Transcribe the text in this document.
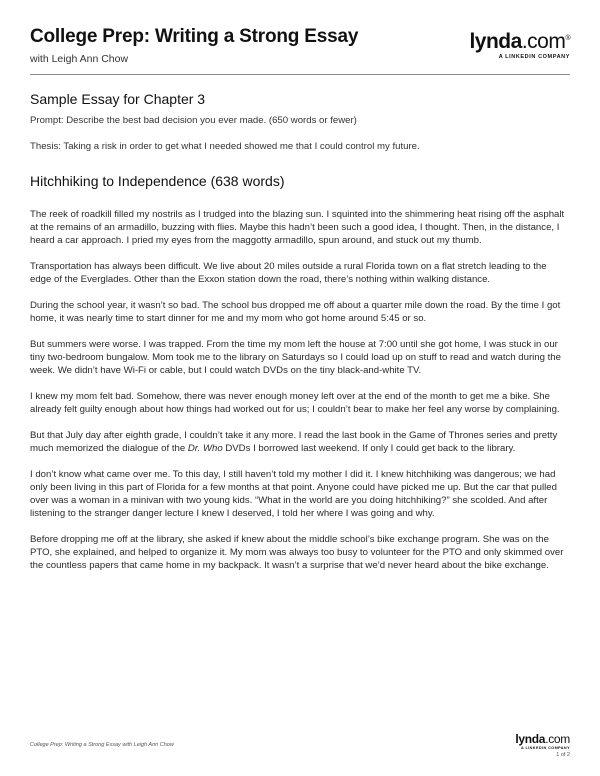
College Prep: Writing a Strong Essay
with Leigh Ann Chow
lynda.com®
A LINKEDIN COMPANY
Sample Essay for Chapter 3

Prompt: Describe the best bad decision you ever made. (650 words or fewer)

Thesis: Taking a risk in order to get what I needed showed me that I could control my future.

Hitchhiking to Independence (638 words)

The reek of roadkill filled my nostrils as I trudged into the blazing sun. I squinted into the shimmering heat rising off the asphalt at the remains of an armadillo, buzzing with flies. Maybe this hadn’t been such a good idea, I thought. Then, in the distance, I heard a car approach. I pried my eyes from the maggotty armadillo, spun around, and stuck out my thumb.

Transportation has always been difficult. We live about 20 miles outside a rural Florida town on a flat stretch leading to the edge of the Everglades. Other than the Exxon station down the road, there’s nothing within walking distance.

During the school year, it wasn’t so bad. The school bus dropped me off about a quarter mile down the road. By the time I got home, it was nearly time to start dinner for me and my mom who got home around 5:45 or so.

But summers were worse. I was trapped. From the time my mom left the house at 7:00 until she got home, I was stuck in our tiny two-bedroom bungalow. Mom took me to the library on Saturdays so I could load up on stuff to read and watch during the week. We didn’t have Wi-Fi or cable, but I could watch DVDs on the tiny black-and-white TV.

I knew my mom felt bad. Somehow, there was never enough money left over at the end of the month to get me a bike. She already felt guilty enough about how things had worked out for us; I couldn’t bear to make her feel any worse by complaining.

But that July day after eighth grade, I couldn’t take it any more. I read the last book in the Game of Thrones series and pretty much memorized the dialogue of the Dr. Who DVDs I borrowed last weekend. If only I could get back to the library.

I don’t know what came over me. To this day, I still haven’t told my mother I did it. I knew hitchhiking was dangerous; we had only been living in this part of Florida for a few months at that point. Anyone could have picked me up. But the car that pulled over was a woman in a minivan with two young kids. “What in the world are you doing hitchhiking?” she scolded. And after listening to the stranger danger lecture I knew I deserved, I told her where I was going and why.

Before dropping me off at the library, she asked if knew about the middle school’s bike exchange program. She was on the PTO, she explained, and helped to organize it. My mom was always too busy to volunteer for the PTO and only skimmed over the countless papers that came home in my backpack. It wasn’t a surprise that we’d never heard about the bike exchange.

College Prep: Writing a Strong Essay with Leigh Ann Chow	lynda.com
A LINKEDIN COMPANY
1 of 2
